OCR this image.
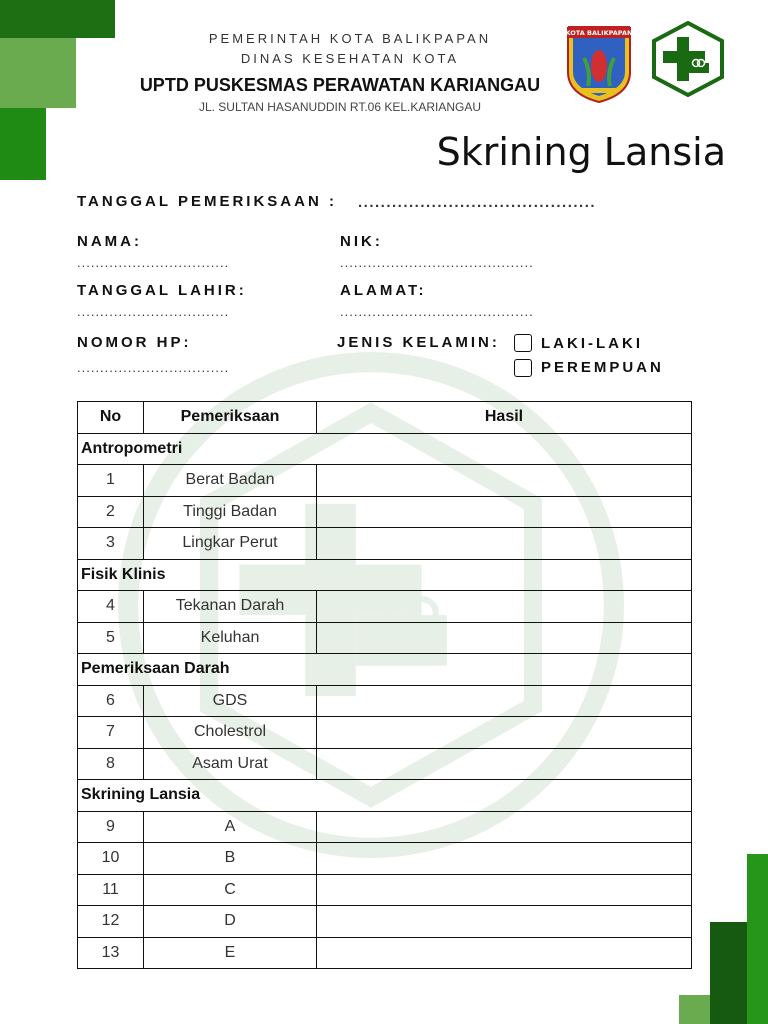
PEMERINTAH KOTA BALIKPAPAN
DINAS KESEHATAN KOTA
UPTD PUSKESMAS PERAWATAN KARIANGAU
JL. SULTAN HASANUDDIN RT.06 KEL.KARIANGAU
KOTA BALIKPAPAN
Skrining Lansia
TANGGAL PEMERIKSAAN : ..........................................
NAMA:
.................................
NIK:
..........................................
TANGGAL LAHIR:
.................................
ALAMAT:
..........................................
NOMOR HP:
.................................
JENIS KELAMIN:	LAKI-LAKI
PEREMPUAN
No	Pemeriksaan	Hasil
Antropometri		
1	Berat Badan	
2	Tinggi Badan	
3	Lingkar Perut	
Fisik Klinis		
4	Tekanan Darah	
5	Keluhan	
Pemeriksaan Darah		
6	GDS	
7	Cholestrol	
8	Asam Urat	
Skrining Lansia		
9	A	
10	B	
11	C	
12	D	
13	E	
